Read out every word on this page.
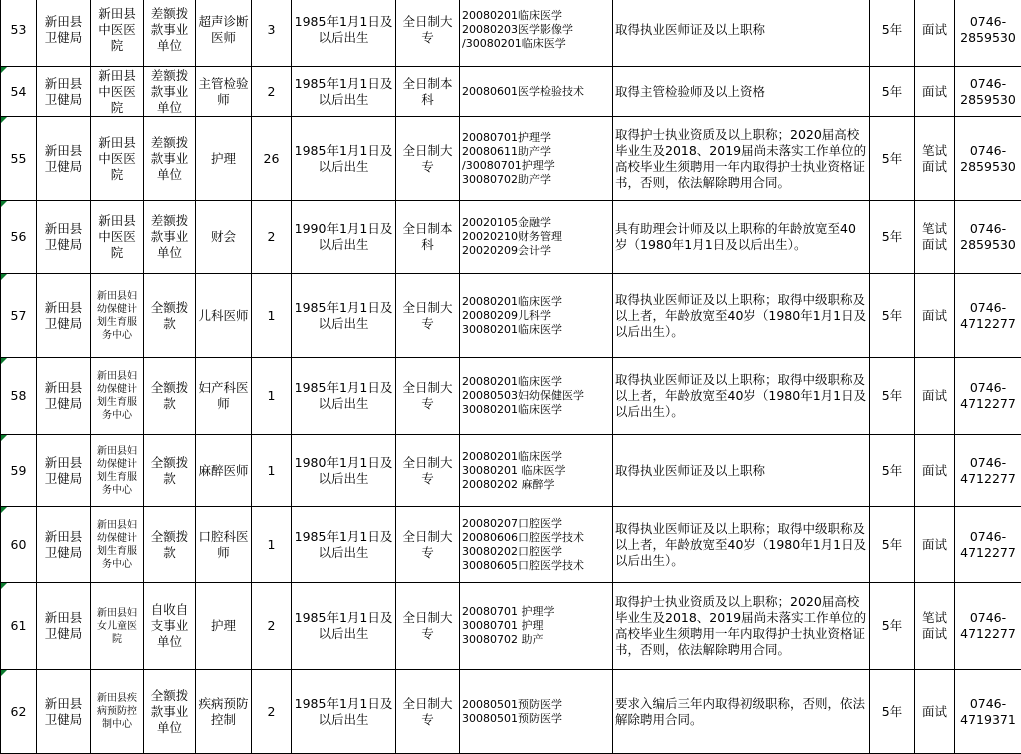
53	新田县卫健局	新田县中医医院	差额拨款事业单位	超声诊断医师	3	1985年1月1日及以后出生	全日制大专	20080201临床医学
20080203医学影像学
/30080201临床医学	取得执业医师证及以上职称	5年	面试	0746-2859530
54	新田县卫健局	新田县中医医院	差额拨款事业单位	主管检验师	2	1985年1月1日及以后出生	全日制本科	20080601医学检验技术	取得主管检验师及以上资格	5年	面试	0746-2859530
55	新田县卫健局	新田县中医医院	差额拨款事业单位	护理	26	1985年1月1日及以后出生	全日制大专	20080701护理学
20080611助产学
/30080701护理学
30080702助产学	取得护士执业资质及以上职称；2020届高校毕业生及2018、2019届尚未落实工作单位的高校毕业生须聘用一年内取得护士执业资格证书，否则，依法解除聘用合同。	5年	笔试面试	0746-2859530
56	新田县卫健局	新田县中医医院	差额拨款事业单位	财会	2	1990年1月1日及以后出生	全日制本科	20020105金融学
20020210财务管理
20020209会计学	具有助理会计师及以上职称的年龄放宽至40岁（1980年1月1日及以后出生）。	5年	笔试面试	0746-2859530
57	新田县卫健局	新田县妇幼保健计划生育服务中心	全额拨款	儿科医师	1	1985年1月1日及以后出生	全日制大专	20080201临床医学
20080209儿科学
30080201临床医学	取得执业医师证及以上职称；取得中级职称及以上者，年龄放宽至40岁（1980年1月1日及以后出生）。	5年	面试	0746-4712277
58	新田县卫健局	新田县妇幼保健计划生育服务中心	全额拨款	妇产科医师	1	1985年1月1日及以后出生	全日制大专	20080201临床医学
20080503妇幼保健医学
30080201临床医学	取得执业医师证及以上职称；取得中级职称及以上者，年龄放宽至40岁（1980年1月1日及以后出生）。	5年	面试	0746-4712277
59	新田县卫健局	新田县妇幼保健计划生育服务中心	全额拨款	麻醉医师	1	1980年1月1日及以后出生	全日制大专	20080201临床医学
30080201 临床医学
20080202 麻醉学	取得执业医师证及以上职称	5年	面试	0746-4712277
60	新田县卫健局	新田县妇幼保健计划生育服务中心	全额拨款	口腔科医师	1	1985年1月1日及以后出生	全日制大专	20080207口腔医学
20080606口腔医学技术
30080202口腔医学
30080605口腔医学技术	取得执业医师证及以上职称；取得中级职称及以上者，年龄放宽至40岁（1980年1月1日及以后出生）。	5年	面试	0746-4712277
61	新田县卫健局	新田县妇女儿童医院	自收自支事业单位	护理	2	1985年1月1日及以后出生	全日制大专	20080701 护理学
30080701 护理
30080702 助产	取得护士执业资质及以上职称；2020届高校毕业生及2018、2019届尚未落实工作单位的高校毕业生须聘用一年内取得护士执业资格证书，否则，依法解除聘用合同。	5年	笔试面试	0746-4712277
62	新田县卫健局	新田县疾病预防控制中心	全额拨款事业单位	疾病预防控制	2	1985年1月1日及以后出生	全日制大专	20080501预防医学
30080501预防医学	要求入编后三年内取得初级职称，否则，依法解除聘用合同。	5年	面试	0746-4719371
